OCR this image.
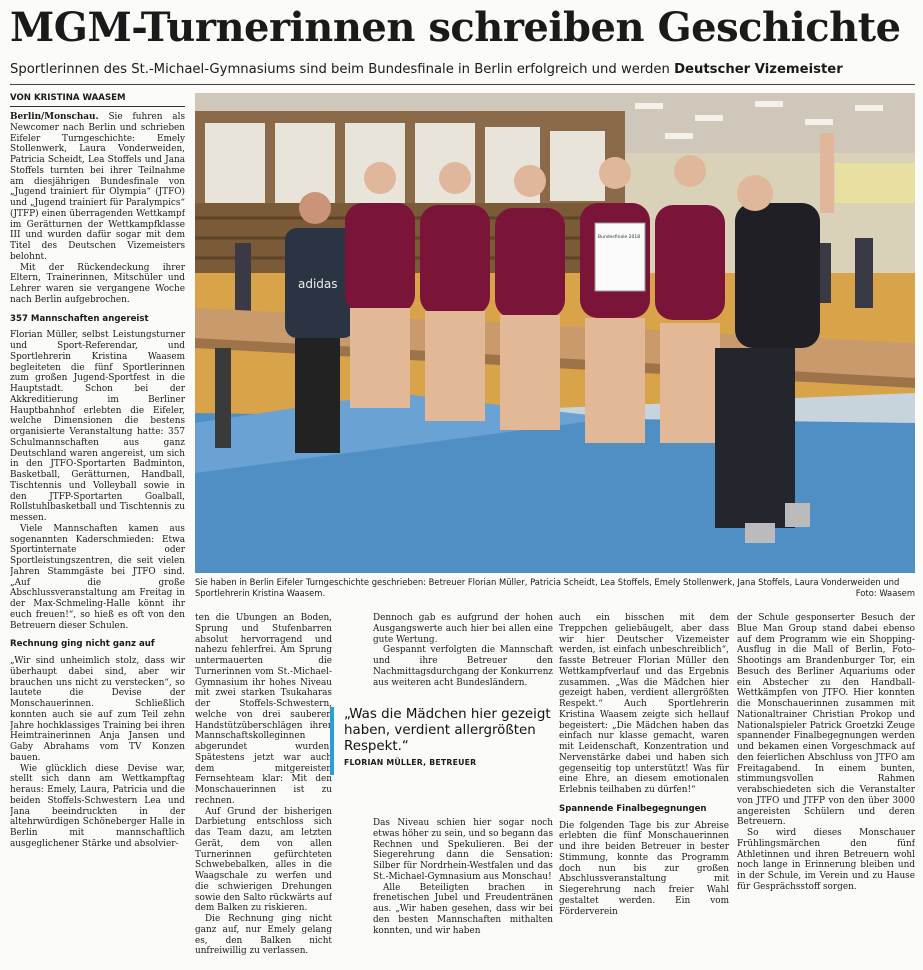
MGM-Turnerinnen schreiben Geschichte
Sportlerinnen des St.-Michael-Gymnasiums sind beim Bundesfinale in Berlin erfolgreich und werden Deutscher Vizemeister
VON KRISTINA WAASEM

Berlin/Monschau. Sie fuhren als Newcomer nach Berlin und schrieben Eifeler Turngeschichte: Emely Stollenwerk, Laura Vonderweiden, Patricia Scheidt, Lea Stoffels und Jana Stoffels turnten bei ihrer Teilnahme am diesjährigen Bundesfinale von „Jugend trainiert für Olympia“ (JTFO) und „Jugend trainiert für Paralympics“ (JTFP) einen überragenden Wettkampf im Gerätturnen der Wettkampfklasse III und wurden dafür sogar mit dem Titel des Deutschen Vizemeisters belohnt.

Mit der Rückendeckung ihrer Eltern, Trainerinnen, Mitschüler und Lehrer waren sie vergangene Woche nach Berlin aufgebrochen.

357 Mannschaften angereist

Florian Müller, selbst Leistungsturner und Sport-Referendar, und Sportlehrerin Kristina Waasem begleiteten die fünf Sportlerinnen zum großen Jugend-Sportfest in die Hauptstadt. Schon bei der Akkreditierung im Berliner Hauptbahnhof erlebten die Eifeler, welche Dimensionen die bestens organisierte Veranstaltung hatte: 357 Schulmannschaften aus ganz Deutschland waren angereist, um sich in den JTFO-Sportarten Badminton, Basketball, Gerätturnen, Handball, Tischtennis und Volleyball sowie in den JTFP-Sportarten Goalball, Rollstuhlbasketball und Tischtennis zu messen.

Viele Mannschaften kamen aus sogenannten Kaderschmieden: Etwa Sportinternate oder Sportleistungszentren, die seit vielen Jahren Stammgäste bei JTFO sind. „Auf die große Abschlussveranstaltung am Freitag in der Max-Schmeling-Halle könnt ihr euch freuen!“, so hieß es oft von den Betreuern dieser Schulen.

Rechnung ging nicht ganz auf

„Wir sind unheimlich stolz, dass wir überhaupt dabei sind, aber wir brauchen uns nicht zu verstecken“, so lautete die Devise der Monschauerinnen. Schließlich konnten auch sie auf zum Teil zehn Jahre hochklassiges Training bei ihren Heimtrainerinnen Anja Jansen und Gaby Abrahams vom TV Konzen bauen.

Wie glücklich diese Devise war, stellt sich dann am Wettkampftag heraus: Emely, Laura, Patricia und die beiden Stoffels-Schwestern Lea und Jana beeindruckten in der altehrwürdigen Schöneberger Halle in Berlin mit mannschaftlich ausgeglichener Stärke und absolvier-

adidas
Bundesfinale 2018
Sie haben in Berlin Eifeler Turngeschichte geschrieben: Betreuer Florian Müller, Patricia Scheidt, Lea Stoffels, Emely Stollenwerk, Jana Stoffels, Laura Vonderweiden und Sportlehrerin Kristina Waasem.	Foto: Waasem

ten die Übungen an Boden, Sprung und Stufenbarren absolut hervorragend und nahezu fehlerfrei. Am Sprung untermauerten die Turnerinnen vom St.-Michael-Gymnasium ihr hohes Niveau mit zwei starken Tsukaharas der Stoffels-Schwestern, welche von drei sauberen Handstützüberschlägen ihrer Mannschaftskolleginnen abgerundet wurden. Spätestens jetzt war auch dem mitgereisten Fernsehteam klar: Mit den Monschauerinnen ist zu rechnen.

Auf Grund der bisherigen Darbietung entschloss sich das Team dazu, am letzten Gerät, dem von allen Turnerinnen gefürchteten Schwebebalken, alles in die Waagschale zu werfen und die schwierigen Drehungen sowie den Salto rückwärts auf dem Balken zu riskieren.

Die Rechnung ging nicht ganz auf, nur Emely gelang es, den Balken nicht unfreiwillig zu verlassen.

Dennoch gab es aufgrund der hohen Ausgangswerte auch hier bei allen eine gute Wertung.

Gespannt verfolgten die Mannschaft und ihre Betreuer den Nachmittagsdurchgang der Konkurrenz aus weiteren acht Bundesländern.

„Was die Mädchen hier gezeigt haben, verdient allergrößten Respekt.“
FLORIAN MÜLLER, BETREUER

Das Niveau schien hier sogar noch etwas höher zu sein, und so begann das Rechnen und Spekulieren. Bei der Siegerehrung dann die Sensation: Silber für Nordrhein-Westfalen und das St.-Michael-Gymnasium aus Monschau!

Alle Beteiligten brachen in frenetischen Jubel und Freudentränen aus. „Wir haben gesehen, dass wir bei den besten Mannschaften mithalten konnten, und wir haben

auch ein bisschen mit dem Treppchen geliebäugelt, aber dass wir hier Deutscher Vizemeister werden, ist einfach unbeschreiblich“, fasste Betreuer Florian Müller den Wettkampfverlauf und das Ergebnis zusammen. „Was die Mädchen hier gezeigt haben, verdient allergrößten Respekt.“ Auch Sportlehrerin Kristina Waasem zeigte sich hellauf begeistert: „Die Mädchen haben das einfach nur klasse gemacht, waren mit Leidenschaft, Konzentration und Nervenstärke dabei und haben sich gegenseitig top unterstützt! Was für eine Ehre, an diesem emotionalen Erlebnis teilhaben zu dürfen!“

Spannende Finalbegegnungen

Die folgenden Tage bis zur Abreise erlebten die fünf Monschauerinnen und ihre beiden Betreuer in bester Stimmung, konnte das Programm doch nun bis zur großen Abschlussveranstaltung mit Siegerehrung nach freier Wahl gestaltet werden. Ein vom Förderverein

der Schule gesponserter Besuch der Blue Man Group stand dabei ebenso auf dem Programm wie ein Shopping-Ausflug in die Mall of Berlin, Foto-Shootings am Brandenburger Tor, ein Besuch des Berliner Aquariums oder ein Abstecher zu den Handball-Wettkämpfen von JTFO. Hier konnten die Monschauerinnen zusammen mit Nationaltrainer Christian Prokop und Nationalspieler Patrick Groetzki Zeuge spannender Finalbegegnungen werden und bekamen einen Vorgeschmack auf den feierlichen Abschluss von JTFO am Freitagabend. In einem bunten, stimmungsvollen Rahmen verabschiedeten sich die Veranstalter von JTFO und JTFP von den über 3000 angereisten Schülern und deren Betreuern.

So wird dieses Monschauer Frühlingsmärchen den fünf Athletinnen und ihren Betreuern wohl noch lange in Erinnerung bleiben und in der Schule, im Verein und zu Hause für Gesprächsstoff sorgen.
